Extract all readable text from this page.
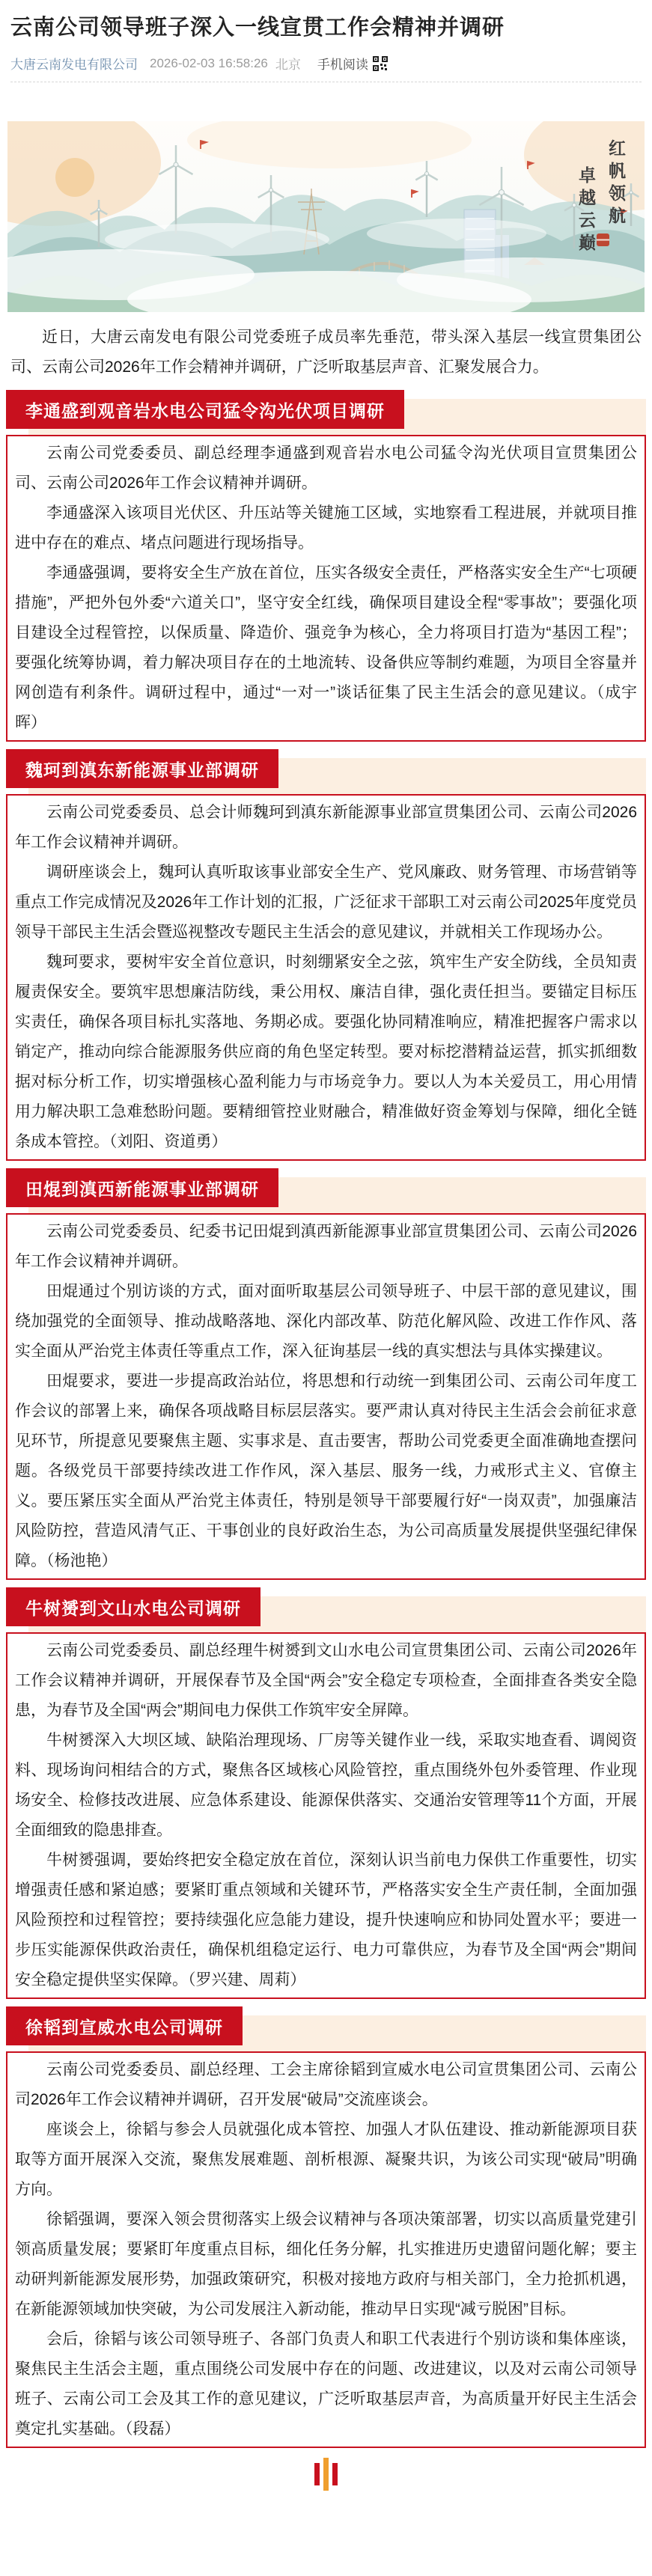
云南公司领导班子深入一线宣贯工作会精神并调研
大唐云南发电有限公司 2026-02-03 16:58:26 北京 手机阅读
红帆领航
卓越云巅

近日，大唐云南发电有限公司党委班子成员率先垂范，带头深入基层一线宣贯集团公司、云南公司2026年工作会精神并调研，广泛听取基层声音、汇聚发展合力。

李通盛到观音岩水电公司猛令沟光伏项目调研

云南公司党委委员、副总经理李通盛到观音岩水电公司猛令沟光伏项目宣贯集团公司、云南公司2026年工作会议精神并调研。

李通盛深入该项目光伏区、升压站等关键施工区域，实地察看工程进展，并就项目推进中存在的难点、堵点问题进行现场指导。

李通盛强调，要将安全生产放在首位，压实各级安全责任，严格落实安全生产“七项硬措施”，严把外包外委“六道关口”，坚守安全红线，确保项目建设全程“零事故”；要强化项目建设全过程管控，以保质量、降造价、强竞争为核心，全力将项目打造为“基因工程”；要强化统筹协调，着力解决项目存在的土地流转、设备供应等制约难题，为项目全容量并网创造有利条件。调研过程中，通过“一对一”谈话征集了民主生活会的意见建议。（成宇晖）

魏珂到滇东新能源事业部调研

云南公司党委委员、总会计师魏珂到滇东新能源事业部宣贯集团公司、云南公司2026年工作会议精神并调研。

调研座谈会上，魏珂认真听取该事业部安全生产、党风廉政、财务管理、市场营销等重点工作完成情况及2026年工作计划的汇报，广泛征求干部职工对云南公司2025年度党员领导干部民主生活会暨巡视整改专题民主生活会的意见建议，并就相关工作现场办公。

魏珂要求，要树牢安全首位意识，时刻绷紧安全之弦，筑牢生产安全防线，全员知责履责保安全。要筑牢思想廉洁防线，秉公用权、廉洁自律，强化责任担当。要锚定目标压实责任，确保各项目标扎实落地、务期必成。要强化协同精准响应，精准把握客户需求以销定产，推动向综合能源服务供应商的角色坚定转型。要对标挖潜精益运营，抓实抓细数据对标分析工作，切实增强核心盈利能力与市场竞争力。要以人为本关爱员工，用心用情用力解决职工急难愁盼问题。要精细管控业财融合，精准做好资金筹划与保障，细化全链条成本管控。（刘阳、资道勇）

田焜到滇西新能源事业部调研

云南公司党委委员、纪委书记田焜到滇西新能源事业部宣贯集团公司、云南公司2026年工作会议精神并调研。

田焜通过个别访谈的方式，面对面听取基层公司领导班子、中层干部的意见建议，围绕加强党的全面领导、推动战略落地、深化内部改革、防范化解风险、改进工作作风、落实全面从严治党主体责任等重点工作，深入征询基层一线的真实想法与具体实操建议。

田焜要求，要进一步提高政治站位，将思想和行动统一到集团公司、云南公司年度工作会议的部署上来，确保各项战略目标层层落实。要严肃认真对待民主生活会会前征求意见环节，所提意见要聚焦主题、实事求是、直击要害，帮助公司党委更全面准确地查摆问题。各级党员干部要持续改进工作作风，深入基层、服务一线，力戒形式主义、官僚主义。要压紧压实全面从严治党主体责任，特别是领导干部要履行好“一岗双责”，加强廉洁风险防控，营造风清气正、干事创业的良好政治生态，为公司高质量发展提供坚强纪律保障。（杨池艳）

牛树赟到文山水电公司调研

云南公司党委委员、副总经理牛树赟到文山水电公司宣贯集团公司、云南公司2026年工作会议精神并调研，开展保春节及全国“两会”安全稳定专项检查，全面排查各类安全隐患，为春节及全国“两会”期间电力保供工作筑牢安全屏障。

牛树赟深入大坝区域、缺陷治理现场、厂房等关键作业一线，采取实地查看、调阅资料、现场询问相结合的方式，聚焦各区域核心风险管控，重点围绕外包外委管理、作业现场安全、检修技改进展、应急体系建设、能源保供落实、交通治安管理等11个方面，开展全面细致的隐患排查。

牛树赟强调，要始终把安全稳定放在首位，深刻认识当前电力保供工作重要性，切实增强责任感和紧迫感；要紧盯重点领域和关键环节，严格落实安全生产责任制，全面加强风险预控和过程管控；要持续强化应急能力建设，提升快速响应和协同处置水平；要进一步压实能源保供政治责任，确保机组稳定运行、电力可靠供应，为春节及全国“两会”期间安全稳定提供坚实保障。（罗兴建、周莉）

徐韬到宣威水电公司调研

云南公司党委委员、副总经理、工会主席徐韬到宣威水电公司宣贯集团公司、云南公司2026年工作会议精神并调研，召开发展“破局”交流座谈会。

座谈会上，徐韬与参会人员就强化成本管控、加强人才队伍建设、推动新能源项目获取等方面开展深入交流，聚焦发展难题、剖析根源、凝聚共识，为该公司实现“破局”明确方向。

徐韬强调，要深入领会贯彻落实上级会议精神与各项决策部署，切实以高质量党建引领高质量发展；要紧盯年度重点目标，细化任务分解，扎实推进历史遗留问题化解；要主动研判新能源发展形势，加强政策研究，积极对接地方政府与相关部门，全力抢抓机遇，在新能源领域加快突破，为公司发展注入新动能，推动早日实现“减亏脱困”目标。

会后，徐韬与该公司领导班子、各部门负责人和职工代表进行个别访谈和集体座谈，聚焦民主生活会主题，重点围绕公司发展中存在的问题、改进建议，以及对云南公司领导班子、云南公司工会及其工作的意见建议，广泛听取基层声音，为高质量开好民主生活会奠定扎实基础。（段磊）
